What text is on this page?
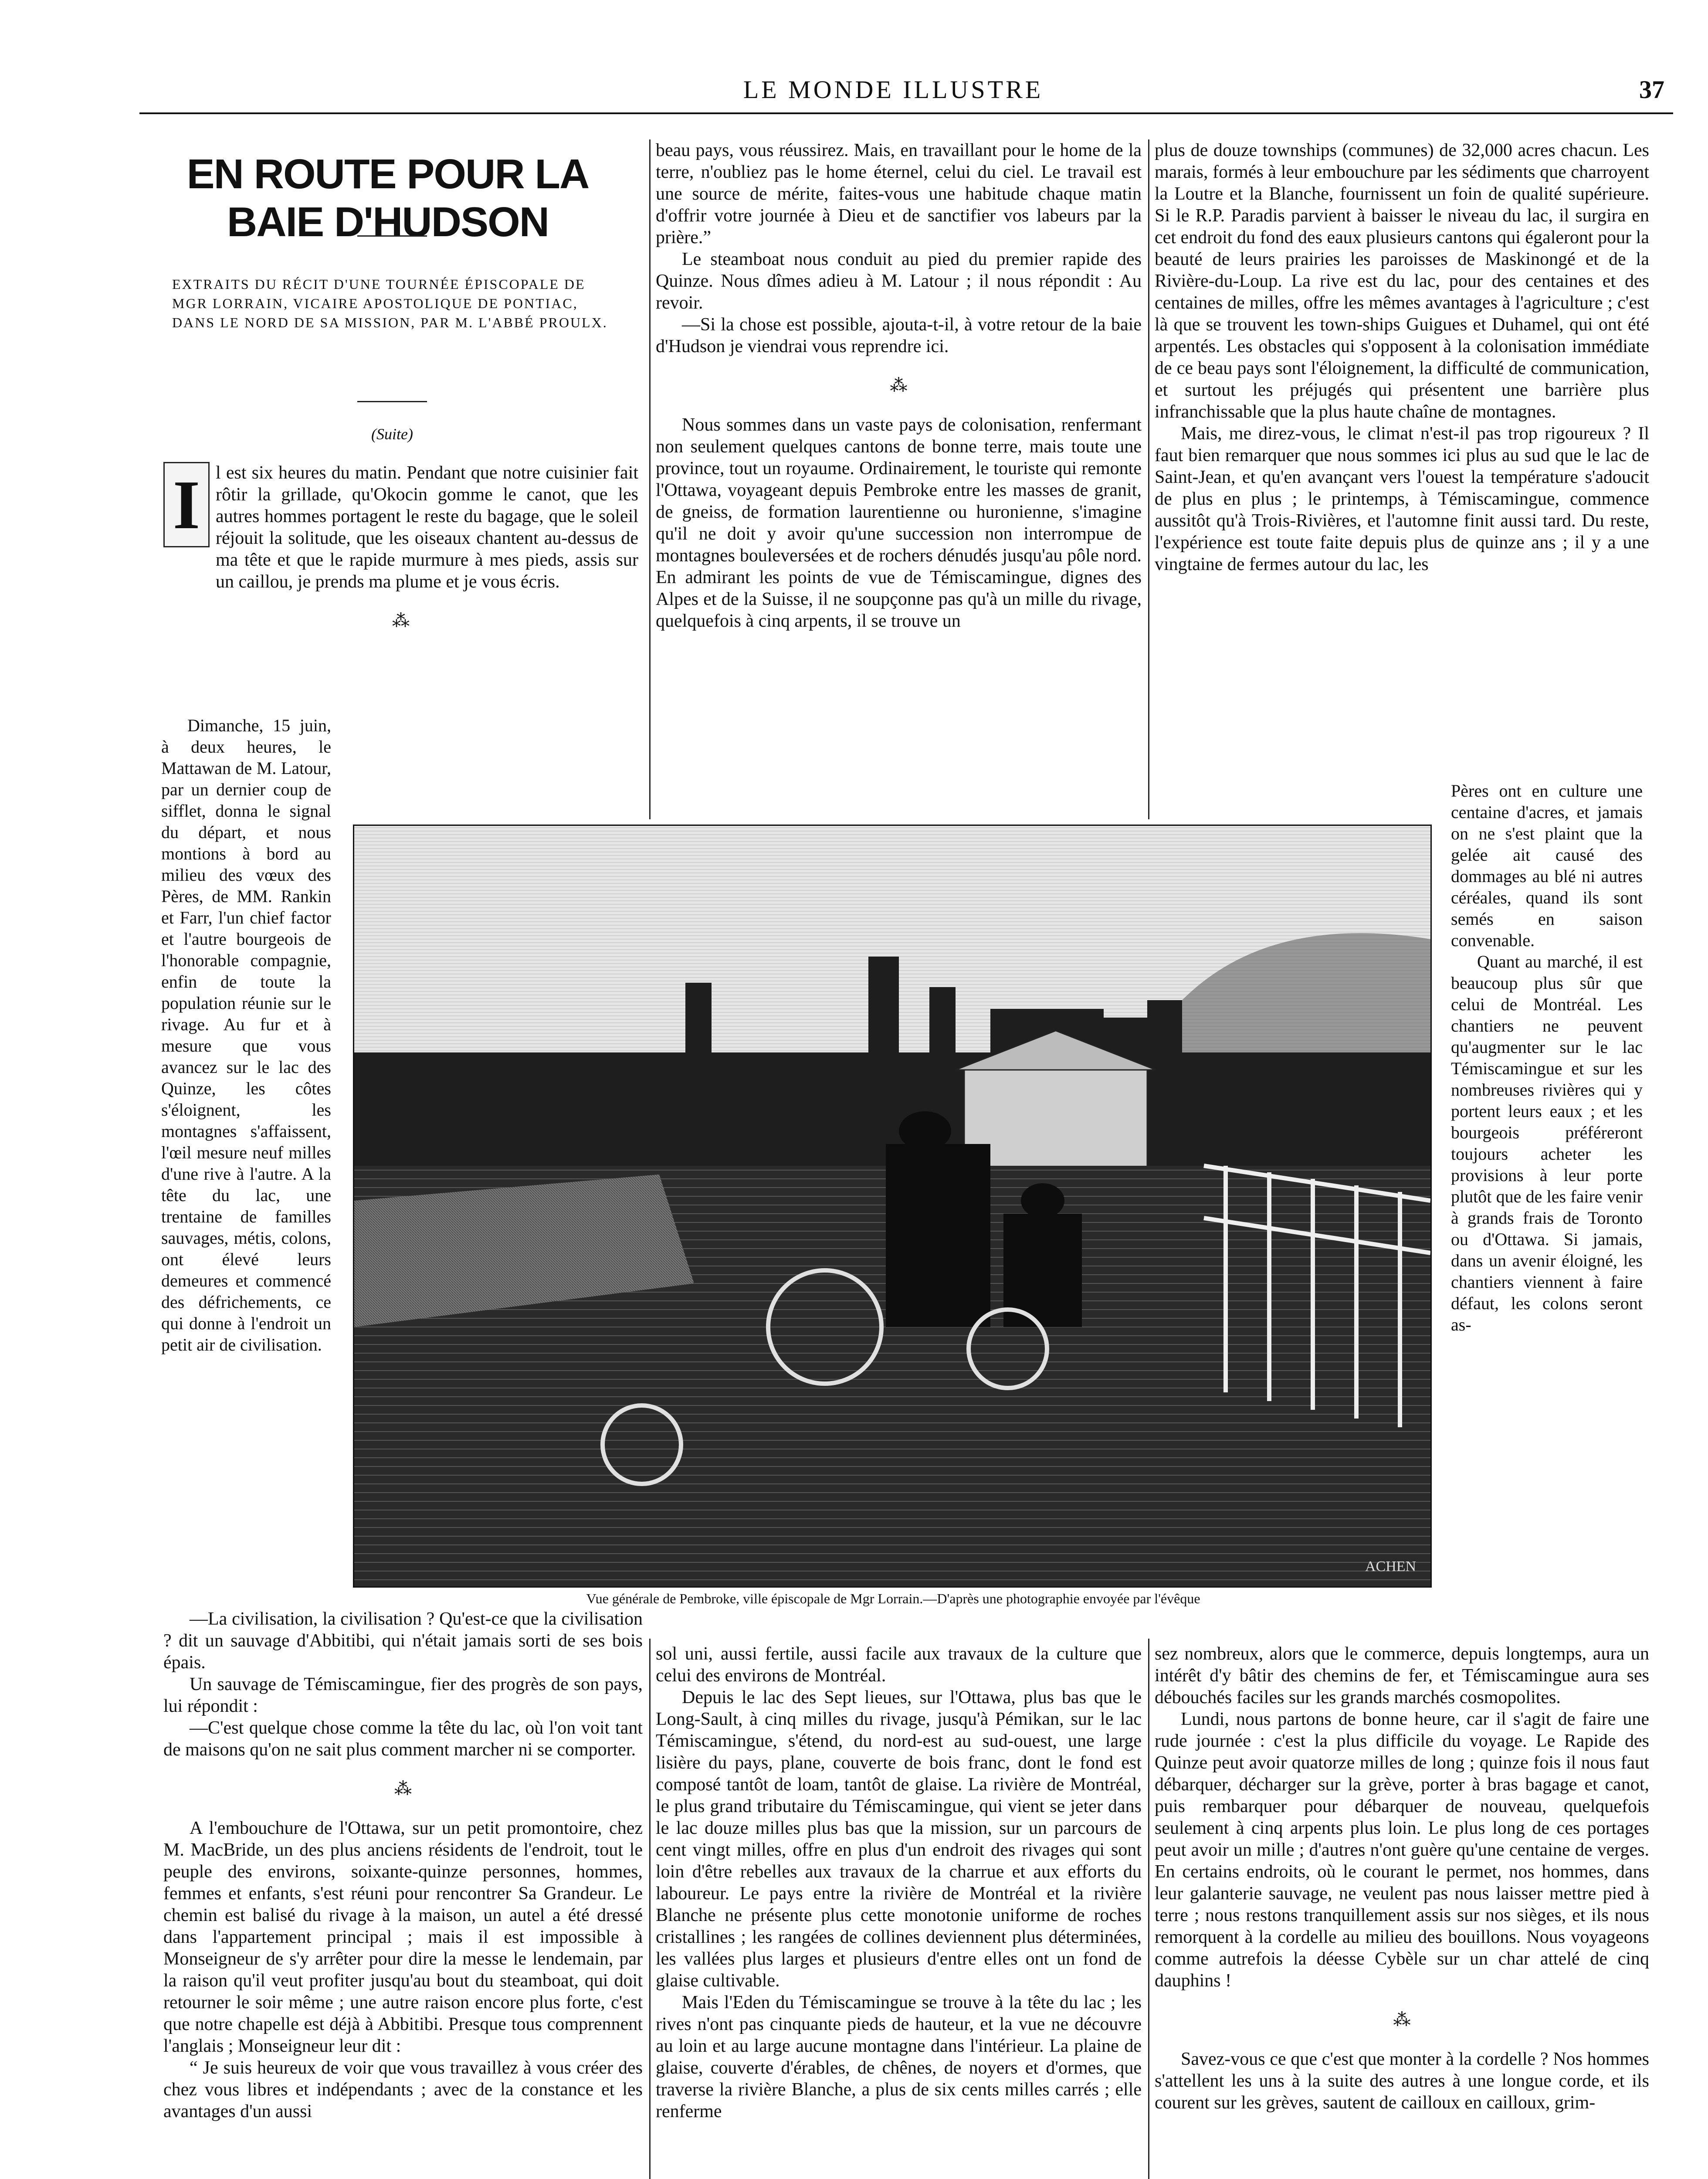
LE MONDE ILLUSTRE	37
EN ROUTE POUR LA BAIE D'HUDSON
EXTRAITS DU RÉCIT D'UNE TOURNÉE ÉPISCOPALE DE MGR LORRAIN, VICAIRE APOSTOLIQUE DE PONTIAC, DANS LE NORD DE SA MISSION, PAR M. L'ABBÉ PROULX.
(Suite)
I l est six heures du matin. Pendant que notre cuisinier fait rôtir la grillade, qu'Okocin gomme le canot, que les autres hommes portagent le reste du bagage, que le soleil réjouit la solitude, que les oiseaux chantent au-dessus de ma tête et que le rapide murmure à mes pieds, assis sur un caillou, je prends ma plume et je vous écris.

⁂

Dimanche, 15 juin, à deux heures, le Mattawan de M. Latour, par un dernier coup de sifflet, donna le signal du départ, et nous montions à bord au milieu des vœux des Pères, de MM. Rankin et Farr, l'un chief factor et l'autre bourgeois de l'honorable compagnie, enfin de toute la population réunie sur le rivage. Au fur et à mesure que vous avancez sur le lac des Quinze, les côtes s'éloignent, les montagnes s'affaissent, l'œil mesure neuf milles d'une rive à l'autre. A la tête du lac, une trentaine de familles sauvages, métis, colons, ont élevé leurs demeures et commencé des défrichements, ce qui donne à l'endroit un petit air de civilisation.

beau pays, vous réussirez. Mais, en travaillant pour le home de la terre, n'oubliez pas le home éternel, celui du ciel. Le travail est une source de mérite, faites-vous une habitude chaque matin d'offrir votre journée à Dieu et de sanctifier vos labeurs par la prière.”

Le steamboat nous conduit au pied du premier rapide des Quinze. Nous dîmes adieu à M. Latour ; il nous répondit : Au revoir.

—Si la chose est possible, ajouta-t-il, à votre retour de la baie d'Hudson je viendrai vous reprendre ici.

⁂

Nous sommes dans un vaste pays de colonisation, renfermant non seulement quelques cantons de bonne terre, mais toute une province, tout un royaume. Ordinairement, le touriste qui remonte l'Ottawa, voyageant depuis Pembroke entre les masses de granit, de gneiss, de formation laurentienne ou huronienne, s'imagine qu'il ne doit y avoir qu'une succession non interrompue de montagnes bouleversées et de rochers dénudés jusqu'au pôle nord. En admirant les points de vue de Témiscamingue, dignes des Alpes et de la Suisse, il ne soupçonne pas qu'à un mille du rivage, quelquefois à cinq arpents, il se trouve un

plus de douze townships (communes) de 32,000 acres chacun. Les marais, formés à leur embouchure par les sédiments que charroyent la Loutre et la Blanche, fournissent un foin de qualité supérieure. Si le R.P. Paradis parvient à baisser le niveau du lac, il surgira en cet endroit du fond des eaux plusieurs cantons qui égaleront pour la beauté de leurs prairies les paroisses de Maskinongé et de la Rivière-du-Loup. La rive est du lac, pour des centaines et des centaines de milles, offre les mêmes avantages à l'agriculture ; c'est là que se trouvent les town-ships Guigues et Duhamel, qui ont été arpentés. Les obstacles qui s'opposent à la colonisation immédiate de ce beau pays sont l'éloignement, la difficulté de communication, et surtout les préjugés qui présentent une barrière plus infranchissable que la plus haute chaîne de montagnes.

Mais, me direz-vous, le climat n'est-il pas trop rigoureux ? Il faut bien remarquer que nous sommes ici plus au sud que le lac de Saint-Jean, et qu'en avançant vers l'ouest la température s'adoucit de plus en plus ; le printemps, à Témiscamingue, commence aussitôt qu'à Trois-Rivières, et l'automne finit aussi tard. Du reste, l'expérience est toute faite depuis plus de quinze ans ; il y a une vingtaine de fermes autour du lac, les

Pères ont en culture une centaine d'acres, et jamais on ne s'est plaint que la gelée ait causé des dommages au blé ni autres céréales, quand ils sont semés en saison convenable.

Quant au marché, il est beaucoup plus sûr que celui de Montréal. Les chantiers ne peuvent qu'augmenter sur le lac Témiscamingue et sur les nombreuses rivières qui y portent leurs eaux ; et les bourgeois préféreront toujours acheter les provisions à leur porte plutôt que de les faire venir à grands frais de Toronto ou d'Ottawa. Si jamais, dans un avenir éloigné, les chantiers viennent à faire défaut, les colons seront as-

ACHEN
Vue générale de Pembroke, ville épiscopale de Mgr Lorrain.—D'après une photographie envoyée par l'évêque

—La civilisation, la civilisation ? Qu'est-ce que la civilisation ? dit un sauvage d'Abbitibi, qui n'était jamais sorti de ses bois épais.

Un sauvage de Témiscamingue, fier des progrès de son pays, lui répondit :

—C'est quelque chose comme la tête du lac, où l'on voit tant de maisons qu'on ne sait plus comment marcher ni se comporter.

⁂

A l'embouchure de l'Ottawa, sur un petit promontoire, chez M. MacBride, un des plus anciens résidents de l'endroit, tout le peuple des environs, soixante-quinze personnes, hommes, femmes et enfants, s'est réuni pour rencontrer Sa Grandeur. Le chemin est balisé du rivage à la maison, un autel a été dressé dans l'appartement principal ; mais il est impossible à Monseigneur de s'y arrêter pour dire la messe le lendemain, par la raison qu'il veut profiter jusqu'au bout du steamboat, qui doit retourner le soir même ; une autre raison encore plus forte, c'est que notre chapelle est déjà à Abbitibi. Presque tous comprennent l'anglais ; Monseigneur leur dit :

“ Je suis heureux de voir que vous travaillez à vous créer des chez vous libres et indépendants ; avec de la constance et les avantages d'un aussi

sol uni, aussi fertile, aussi facile aux travaux de la culture que celui des environs de Montréal.

Depuis le lac des Sept lieues, sur l'Ottawa, plus bas que le Long-Sault, à cinq milles du rivage, jusqu'à Pémikan, sur le lac Témiscamingue, s'étend, du nord-est au sud-ouest, une large lisière du pays, plane, couverte de bois franc, dont le fond est composé tantôt de loam, tantôt de glaise. La rivière de Montréal, le plus grand tributaire du Témiscamingue, qui vient se jeter dans le lac douze milles plus bas que la mission, sur un parcours de cent vingt milles, offre en plus d'un endroit des rivages qui sont loin d'être rebelles aux travaux de la charrue et aux efforts du laboureur. Le pays entre la rivière de Montréal et la rivière Blanche ne présente plus cette monotonie uniforme de roches cristallines ; les rangées de collines deviennent plus déterminées, les vallées plus larges et plusieurs d'entre elles ont un fond de glaise cultivable.

Mais l'Eden du Témiscamingue se trouve à la tête du lac ; les rives n'ont pas cinquante pieds de hauteur, et la vue ne découvre au loin et au large aucune montagne dans l'intérieur. La plaine de glaise, couverte d'érables, de chênes, de noyers et d'ormes, que traverse la rivière Blanche, a plus de six cents milles carrés ; elle renferme

sez nombreux, alors que le commerce, depuis longtemps, aura un intérêt d'y bâtir des chemins de fer, et Témiscamingue aura ses débouchés faciles sur les grands marchés cosmopolites.

Lundi, nous partons de bonne heure, car il s'agit de faire une rude journée : c'est la plus difficile du voyage. Le Rapide des Quinze peut avoir quatorze milles de long ; quinze fois il nous faut débarquer, décharger sur la grève, porter à bras bagage et canot, puis rembarquer pour débarquer de nouveau, quelquefois seulement à cinq arpents plus loin. Le plus long de ces portages peut avoir un mille ; d'autres n'ont guère qu'une centaine de verges. En certains endroits, où le courant le permet, nos hommes, dans leur galanterie sauvage, ne veulent pas nous laisser mettre pied à terre ; nous restons tranquillement assis sur nos sièges, et ils nous remorquent à la cordelle au milieu des bouillons. Nous voyageons comme autrefois la déesse Cybèle sur un char attelé de cinq dauphins !

⁂

Savez-vous ce que c'est que monter à la cordelle ? Nos hommes s'attellent les uns à la suite des autres à une longue corde, et ils courent sur les grèves, sautent de cailloux en cailloux, grim-
